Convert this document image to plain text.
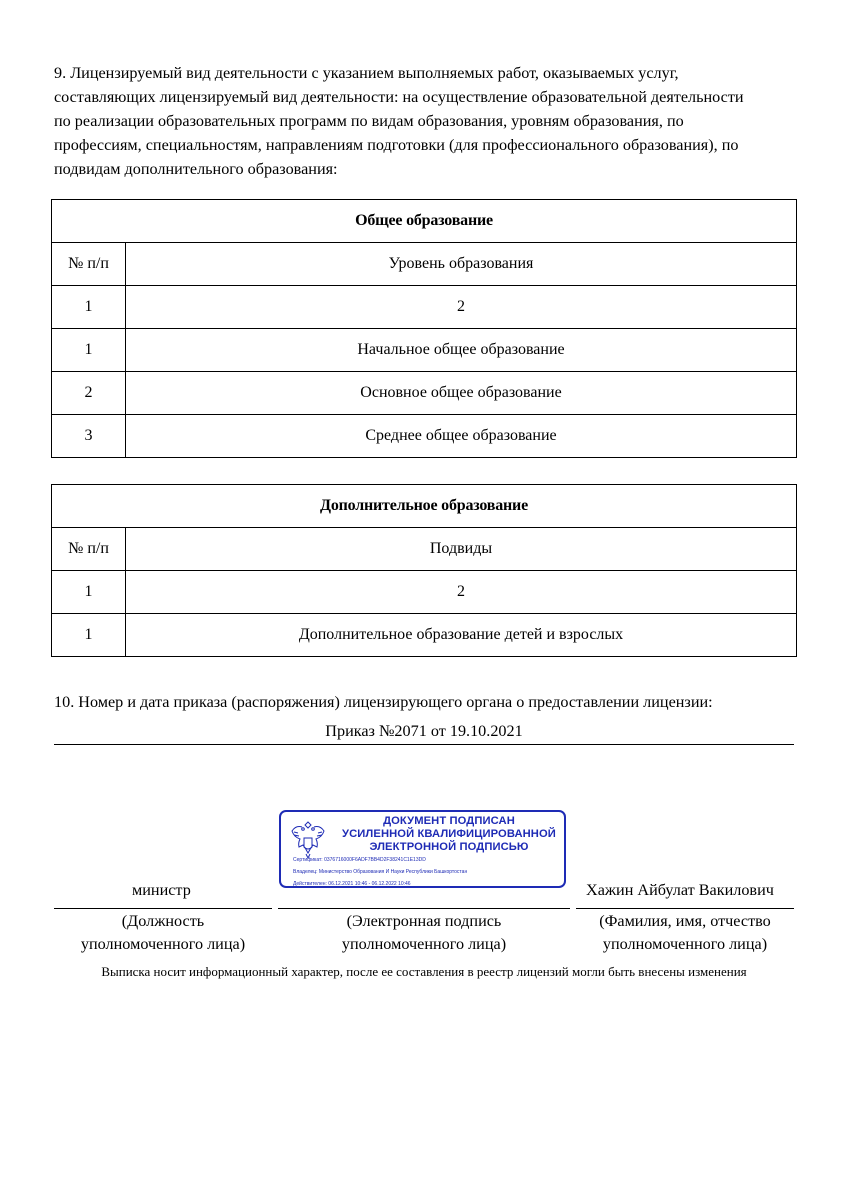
9. Лицензируемый вид деятельности с указанием выполняемых работ, оказываемых услуг,
составляющих лицензируемый вид деятельности: на осуществление образовательной деятельности
по реализации образовательных программ по видам образования, уровням образования, по
профессиям, специальностям, направлениям подготовки (для профессионального образования), по
подвидам дополнительного образования:
Общее образование	
№ п/п	Уровень образования
1	2
1	Начальное общее образование
2	Основное общее образование
3	Среднее общее образование
Дополнительное образование	
№ п/п	Подвиды
1	2
1	Дополнительное образование детей и взрослых
10. Номер и дата приказа (распоряжения) лицензирующего органа о предоставлении лицензии:
Приказ №2071 от 19.10.2021
ДОКУМЕНТ ПОДПИСАН
УСИЛЕННОЙ КВАЛИФИЦИРОВАННОЙ
ЭЛЕКТРОННОЙ ПОДПИСЬЮ
Сертификат: 0376716000F6ADF7BB4D2F38241C1E13DD
Владелец: Министерство Образования И Науки Республики Башкортостан
Действителен: 06.12.2021 10:46 - 06.12.2022 10:46
министр	Хажин Айбулат Вакилович
(Должность
уполномоченного лица)
(Электронная подпись
уполномоченного лица)
(Фамилия, имя, отчество
уполномоченного лица)
Выписка носит информационный характер, после ее составления в реестр лицензий могли быть внесены изменения
